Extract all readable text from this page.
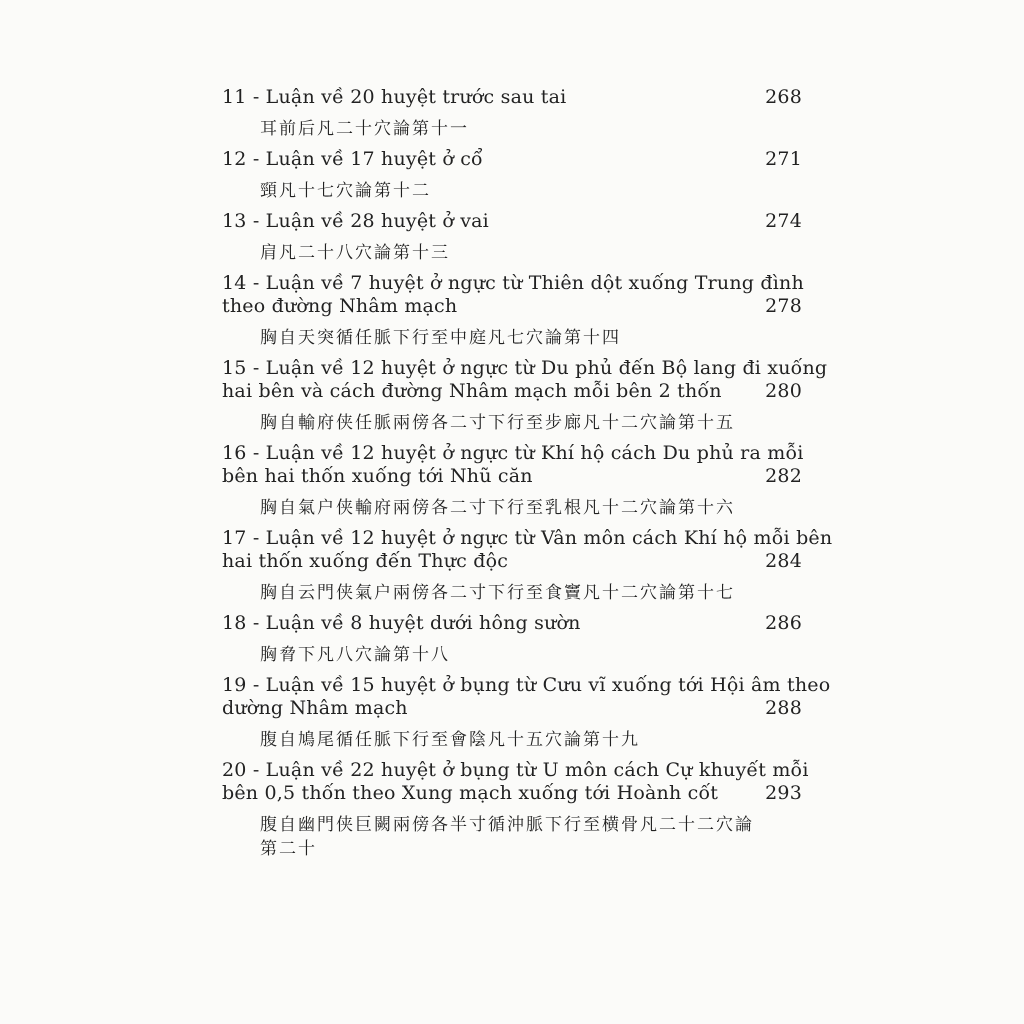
11 - Luận về 20 huyệt trước sau tai	268
耳前后凡二十穴論第十一
12 - Luận về 17 huyệt ở cổ	271
頸凡十七穴論第十二
13 - Luận về 28 huyệt ở vai	274
肩凡二十八穴論第十三
14 - Luận về 7 huyệt ở ngực từ Thiên dột xuống Trung đình
theo đường Nhâm mạch	278
胸自天突循任脈下行至中庭凡七穴論第十四
15 - Luận về 12 huyệt ở ngực từ Du phủ đến Bộ lang đi xuống
hai bên và cách đường Nhâm mạch mỗi bên 2 thốn 280
胸自輸府侠任脈兩傍各二寸下行至步廊凡十二穴論第十五
16 - Luận về 12 huyệt ở ngực từ Khí hộ cách Du phủ ra mỗi
bên hai thốn xuống tới Nhũ căn	282
胸自氣户侠輸府兩傍各二寸下行至乳根凡十二穴論第十六
17 - Luận về 12 huyệt ở ngực từ Vân môn cách Khí hộ mỗi bên
hai thốn xuống đến Thực độc	284
胸自云門侠氣户兩傍各二寸下行至食竇凡十二穴論第十七
18 - Luận về 8 huyệt dưới hông sườn	286
胸脅下凡八穴論第十八
19 - Luận về 15 huyệt ở bụng từ Cưu vĩ xuống tới Hội âm theo
dường Nhâm mạch	288
腹自鳩尾循任脈下行至會陰凡十五穴論第十九
20 - Luận về 22 huyệt ở bụng từ U môn cách Cự khuyết mỗi
bên 0,5 thốn theo Xung mạch xuống tới Hoành cốt 293
腹自幽門侠巨闕兩傍各半寸循沖脈下行至横骨凡二十二穴論
第二十
